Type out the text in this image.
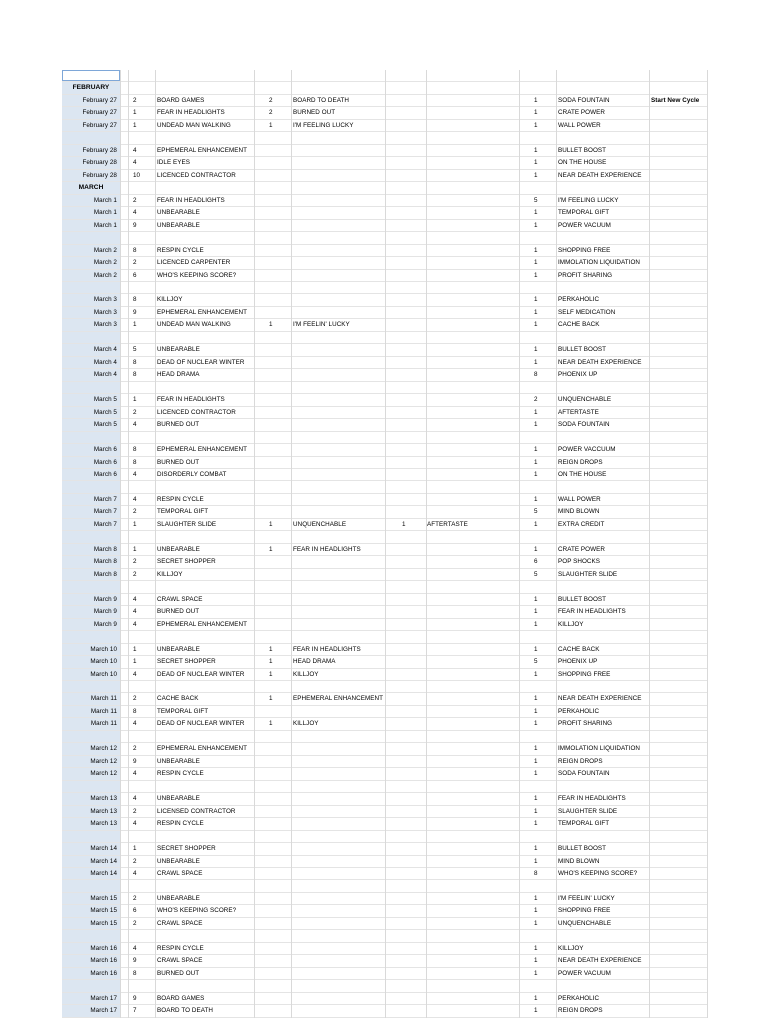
FEBRUARY
February 27	2	BOARD GAMES	2	BOARD TO DEATH	1	SODA FOUNTAIN	Start New Cycle
February 27	1	FEAR IN HEADLIGHTS	2	BURNED OUT	1	CRATE POWER
February 27	1	UNDEAD MAN WALKING	1	I'M FEELING LUCKY	1	WALL POWER
February 28	4	EPHEMERAL ENHANCEMENT	1	BULLET BOOST
February 28	4	IDLE EYES	1	ON THE HOUSE
February 28	10	LICENCED CONTRACTOR	1	NEAR DEATH EXPERIENCE
MARCH
March 1	2	FEAR IN HEADLIGHTS	5	I'M FEELING LUCKY
March 1	4	UNBEARABLE	1	TEMPORAL GIFT
March 1	9	UNBEARABLE	1	POWER VACUUM
March 2	8	RESPIN CYCLE	1	SHOPPING FREE
March 2	2	LICENCED CARPENTER	1	IMMOLATION LIQUIDATION
March 2	6	WHO'S KEEPING SCORE?	1	PROFIT SHARING
March 3	8	KILLJOY	1	PERKAHOLIC
March 3	9	EPHEMERAL ENHANCEMENT	1	SELF MEDICATION
March 3	1	UNDEAD MAN WALKING	1	I'M FEELIN' LUCKY	1	CACHE BACK
March 4	5	UNBEARABLE	1	BULLET BOOST
March 4	8	DEAD OF NUCLEAR WINTER	1	NEAR DEATH EXPERIENCE
March 4	8	HEAD DRAMA	8	PHOENIX UP
March 5	1	FEAR IN HEADLIGHTS	2	UNQUENCHABLE
March 5	2	LICENCED CONTRACTOR	1	AFTERTASTE
March 5	4	BURNED OUT	1	SODA FOUNTAIN
March 6	8	EPHEMERAL ENHANCEMENT	1	POWER VACCUUM
March 6	8	BURNED OUT	1	REIGN DROPS
March 6	4	DISORDERLY COMBAT	1	ON THE HOUSE
March 7	4	RESPIN CYCLE	1	WALL POWER
March 7	2	TEMPORAL GIFT	5	MIND BLOWN
March 7	1	SLAUGHTER SLIDE	1	UNQUENCHABLE	1	AFTERTASTE	1	EXTRA CREDIT
March 8	1	UNBEARABLE	1	FEAR IN HEADLIGHTS	1	CRATE POWER
March 8	2	SECRET SHOPPER	6	POP SHOCKS
March 8	2	KILLJOY	5	SLAUGHTER SLIDE
March 9	4	CRAWL SPACE	1	BULLET BOOST
March 9	4	BURNED OUT	1	FEAR IN HEADLIGHTS
March 9	4	EPHEMERAL ENHANCEMENT	1	KILLJOY
March 10	1	UNBEARABLE	1	FEAR IN HEADLIGHTS	1	CACHE BACK
March 10	1	SECRET SHOPPER	1	HEAD DRAMA	5	PHOENIX UP
March 10	4	DEAD OF NUCLEAR WINTER	1	KILLJOY	1	SHOPPING FREE
March 11	2	CACHE BACK	1	EPHEMERAL ENHANCEMENT	1	NEAR DEATH EXPERIENCE
March 11	8	TEMPORAL GIFT	1	PERKAHOLIC
March 11	4	DEAD OF NUCLEAR WINTER	1	KILLJOY	1	PROFIT SHARING
March 12	2	EPHEMERAL ENHANCEMENT	1	IMMOLATION LIQUIDATION
March 12	9	UNBEARABLE	1	REIGN DROPS
March 12	4	RESPIN CYCLE	1	SODA FOUNTAIN
March 13	4	UNBEARABLE	1	FEAR IN HEADLIGHTS
March 13	2	LICENSED CONTRACTOR	1	SLAUGHTER SLIDE
March 13	4	RESPIN CYCLE	1	TEMPORAL GIFT
March 14	1	SECRET SHOPPER	1	BULLET BOOST
March 14	2	UNBEARABLE	1	MIND BLOWN
March 14	4	CRAWL SPACE	8	WHO'S KEEPING SCORE?
March 15	2	UNBEARABLE	1	I'M FEELIN' LUCKY
March 15	6	WHO'S KEEPING SCORE?	1	SHOPPING FREE
March 15	2	CRAWL SPACE	1	UNQUENCHABLE
March 16	4	RESPIN CYCLE	1	KILLJOY
March 16	9	CRAWL SPACE	1	NEAR DEATH EXPERIENCE
March 16	8	BURNED OUT	1	POWER VACUUM
March 17	9	BOARD GAMES	1	PERKAHOLIC
March 17	7	BOARD TO DEATH	1	REIGN DROPS
